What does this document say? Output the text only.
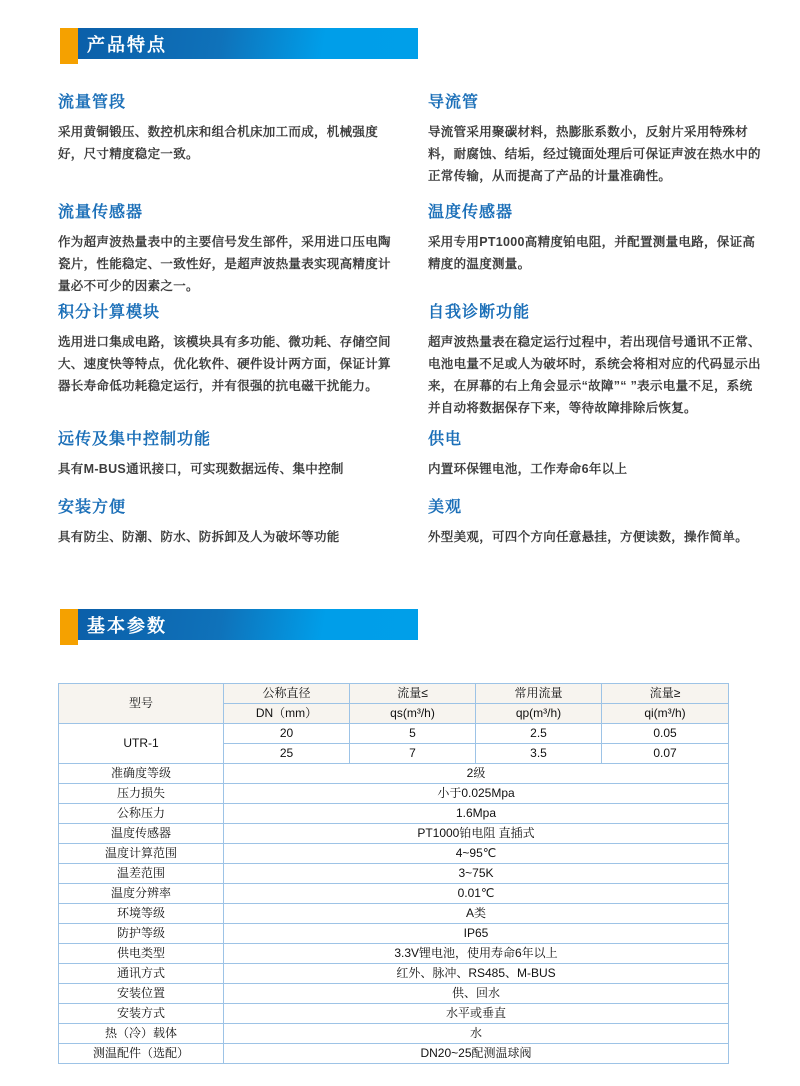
产品特点
流量管段
采用黄铜锻压、数控机床和组合机床加工而成，机械强度好，尺寸精度稳定一致。
导流管
导流管采用聚碳材料，热膨胀系数小，反射片采用特殊材料，耐腐蚀、结垢，经过镜面处理后可保证声波在热水中的正常传输，从而提高了产品的计量准确性。
流量传感器
作为超声波热量表中的主要信号发生部件，采用进口压电陶瓷片，性能稳定、一致性好，是超声波热量表实现高精度计量必不可少的因素之一。
温度传感器
采用专用PT1000高精度铂电阻，并配置测量电路，保证高精度的温度测量。
积分计算模块
选用进口集成电路，该模块具有多功能、微功耗、存储空间大、速度快等特点，优化软件、硬件设计两方面，保证计算器长寿命低功耗稳定运行，并有很强的抗电磁干扰能力。
自我诊断功能
超声波热量表在稳定运行过程中，若出现信号通讯不正常、电池电量不足或人为破坏时，系统会将相对应的代码显示出来，在屏幕的右上角会显示“故障”“ ”表示电量不足，系统并自动将数据保存下来，等待故障排除后恢复。
远传及集中控制功能
具有M-BUS通讯接口，可实现数据远传、集中控制
供电
内置环保锂电池，工作寿命6年以上
安装方便
具有防尘、防潮、防水、防拆卸及人为破坏等功能
美观
外型美观，可四个方向任意悬挂，方便读数，操作简单。
基本参数
型号	公称直径	流量≤	常用流量	流量≥
	DN（mm）	qs(m³/h)	qp(m³/h)	qi(m³/h)
UTR-1	20	5	2.5	0.05
	25	7	3.5	0.07
准确度等级	2级			
压力损失	小于0.025Mpa			
公称压力	1.6Mpa			
温度传感器	PT1000铂电阻 直插式			
温度计算范围	4~95℃			
温差范围	3~75K			
温度分辨率	0.01℃			
环境等级	A类			
防护等级	IP65			
供电类型	3.3V锂电池，使用寿命6年以上			
通讯方式	红外、脉冲、RS485、M-BUS			
安装位置	供、回水			
安装方式	水平或垂直			
热（冷）载体	水			
测温配件（选配）	DN20~25配测温球阀			
